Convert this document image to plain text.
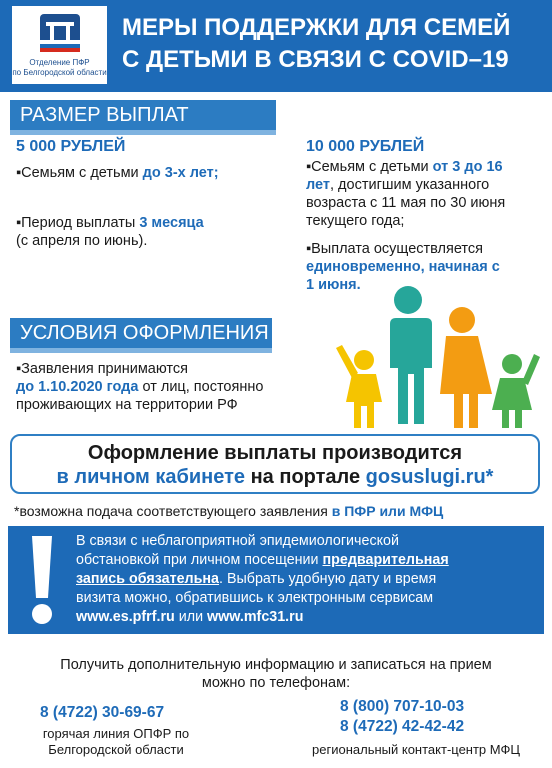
Отделение ПФР
по Белгородской области
МЕРЫ ПОДДЕРЖКИ ДЛЯ СЕМЕЙ
С ДЕТЬМИ В СВЯЗИ С COVID–19
РАЗМЕР ВЫПЛАТ
5 000 РУБЛЕЙ
▪Семьям с детьми до 3-х лет;
▪Период выплаты 3 месяца
(с апреля по июнь).
10 000 РУБЛЕЙ
▪Семьям с детьми от 3 до 16
лет, достигшим указанного
возраста с 11 мая по 30 июня
текущего года;
▪Выплата осуществляется
единовременно, начиная с
1 июня.
УСЛОВИЯ ОФОРМЛЕНИЯ
▪Заявления принимаются
до 1.10.2020 года от лиц, постоянно
проживающих на территории РФ
Оформление выплаты производится
в личном кабинете на портале gosuslugi.ru*
*возможна подача соответствующего заявления в ПФР или МФЦ
В связи с неблагоприятной эпидемиологической
обстановкой при личном посещении предварительная
запись обязательна. Выбрать удобную дату и время
визита можно, обратившись к электронным сервисам
www.es.pfrf.ru или www.mfc31.ru
Получить дополнительную информацию и записаться на прием
можно по телефонам:
8 (4722) 30-69-67
горячая линия ОПФР по
Белгородской области
8 (800) 707-10-03
8 (4722) 42-42-42
региональный контакт-центр МФЦ
